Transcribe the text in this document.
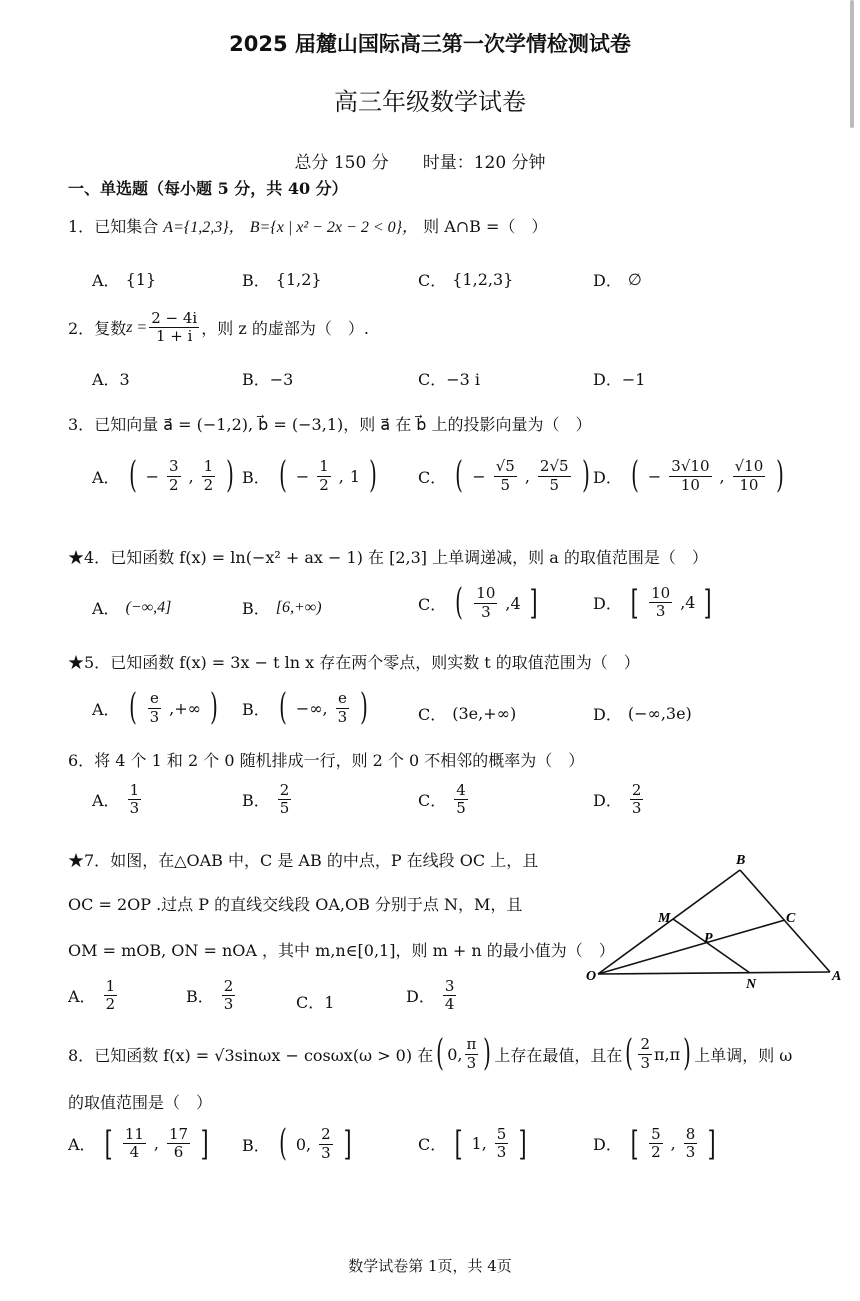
2025 届麓山国际高三第一次学情检测试卷
高三年级数学试卷
总分 150 分　　时量：120 分钟
一、单选题（每小题 5 分，共 40 分）
1．已知集合 A={1,2,3}， B={x | x² − 2x − 2 < 0}， 则 A∩B =（　）
A． {1}	B． {1,2}	C． {1,2,3}	D． ∅
2． 复数 $z = \frac{2 - 4i}{1 + i}$ ，则 z 的虚部为（　）.
A．3	B．−3	C．−3 i	D．−1
3．已知向量 a⃗ = (−1,2), b⃗ = (−3,1)，则 a⃗ 在 b⃗ 上的投影向量为（　）
A． ( − $\frac{3}{2}$ , $\frac{1}{2}$ ) B． ( − $\frac{1}{2}$ , 1 )	C． ( − $\frac{√5}{5}$ , $\frac{2√5}{5}$ ) D． ( − $\frac{3√10}{10}$ , $\frac{√10}{10}$ )
★4．已知函数 f(x) = ln(−x² + ax − 1) 在 [2,3] 上单调递减，则 a 的取值范围是（　）
A． (−∞,4]	B． [6,+∞)	C． ( $\frac{10}{3} ,4$ ]	D． [ $\frac{10}{3} ,4$ ]
★5．已知函数 f(x) = 3x − t ln x 存在两个零点，则实数 t 的取值范围为（　）
A． ( $\frac{e}{3}$ ,+∞ ) B． ( −∞, $\frac{e}{3}$ )	C． (3e,+∞)	D． (−∞,3e)
6．将 4 个 1 和 2 个 0 随机排成一行，则 2 个 0 不相邻的概率为（　）
A． $\frac{1}{3}$	B． $\frac{2}{5}$	C． $\frac{4}{5}$	D． $\frac{2}{3}$
★7．如图，在△OAB 中，C 是 AB 的中点，P 在线段 OC 上，且
OC = 2OP .过点 P 的直线交线段 OA,OB 分别于点 N，M，且
OM = mOB, ON = nOA ，其中 m,n∈[0,1]，则 m + n 的最小值为（　）
A． $\frac{1}{2}$	B． $\frac{2}{3}$	C．1	D． $\frac{3}{4}$
B
M	C
P
O
N
A
8． 已知函数 f(x) = √3sinωx − cosωx(ω > 0) 在 ( 0, $\frac{\pi}{3}$ ) 上存在最值，且在 ( $\frac{2}{3} \pi,\pi$ ) 上单调，则 ω
的取值范围是（　）
A． [ $\frac{11}{4}$ , $\frac{17}{6}$ ] B． ( 0, $\frac{2}{3}$ ]	C． [ 1, $\frac{5}{3}$ ]	D． [ $\frac{5}{2}$ , $\frac{8}{3}$ ]
数学试卷第 1页，共 4页
